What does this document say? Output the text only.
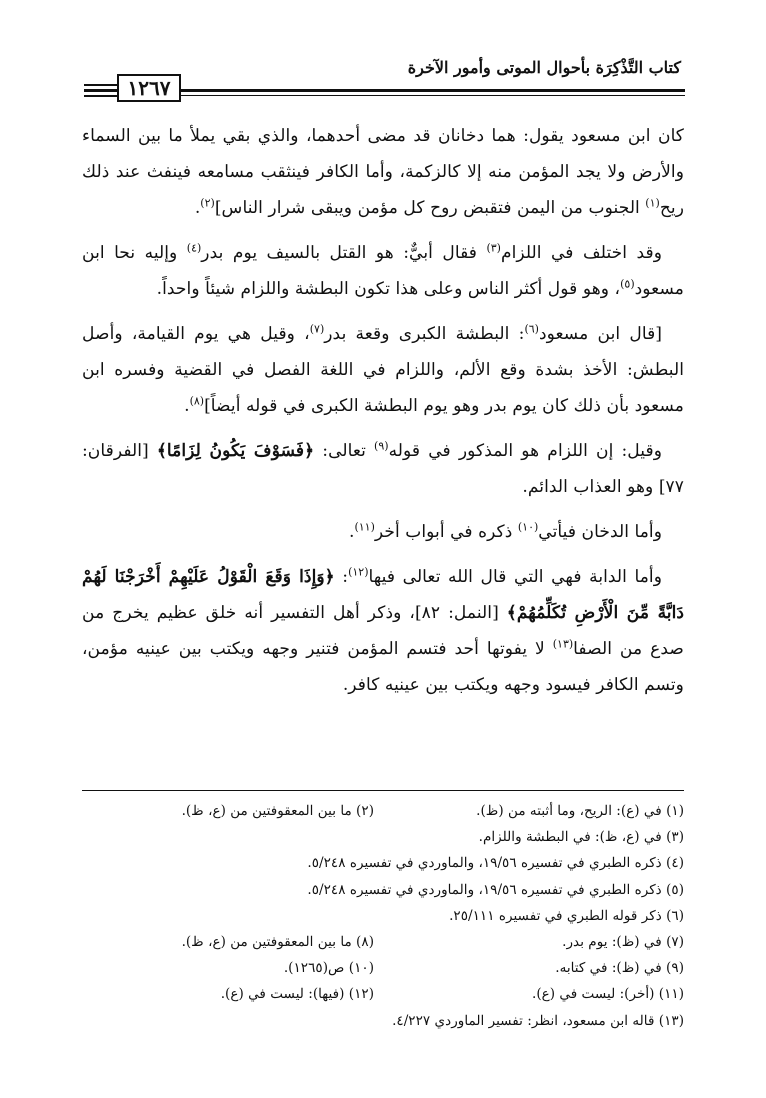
كتاب التَّذْكِرَة بأحوال الموتى وأمور الآخرة
١٢٦٧

كان ابن مسعود يقول: هما دخانان قد مضى أحدهما، والذي بقي يملأ ما بين السماء والأرض ولا يجد المؤمن منه إلا كالزكمة، وأما الكافر فينثقب مسامعه فينفث عند ذلك ريح$^{(١)}$ الجنوب من اليمن فتقبض روح كل مؤمن ويبقى شرار الناس]$^{(٢)}$.

وقد اختلف في اللزام$^{(٣)}$ فقال أبيٌّ: هو القتل بالسيف يوم بدر$^{(٤)}$ وإليه نحا ابن مسعود$^{(٥)}$، وهو قول أكثر الناس وعلى هذا تكون البطشة واللزام شيئاً واحداً.

[قال ابن مسعود$^{(٦)}$: البطشة الكبرى وقعة بدر$^{(٧)}$، وقيل هي يوم القيامة، وأصل البطش: الأخذ بشدة وقع الألم، واللزام في اللغة الفصل في القضية وفسره ابن مسعود بأن ذلك كان يوم بدر وهو يوم البطشة الكبرى في قوله أيضاً]$^{(٨)}$.

وقيل: إن اللزام هو المذكور في قوله$^{(٩)}$ تعالى: ﴿فَسَوْفَ يَكُونُ لِزَامًا﴾ [الفرقان: ٧٧] وهو العذاب الدائم.

وأما الدخان فيأتي$^{(١٠)}$ ذكره في أبواب أخر$^{(١١)}$.

وأما الدابة فهي التي قال الله تعالى فيها$^{(١٢)}$: ﴿وَإِذَا وَقَعَ الْقَوْلُ عَلَيْهِمْ أَخْرَجْنَا لَهُمْ دَابَّةً مِّنَ الْأَرْضِ تُكَلِّمُهُمْ﴾ [النمل: ٨٢]، وذكر أهل التفسير أنه خلق عظيم يخرج من صدع من الصفا$^{(١٣)}$ لا يفوتها أحد فتسم المؤمن فتنير وجهه ويكتب بين عينيه مؤمن، وتسم الكافر فيسود وجهه ويكتب بين عينيه كافر.

(١) في (ع): الريح، وما أثبته من (ظ).
(٢) ما بين المعقوفتين من (ع، ظ).
(٣) في (ع، ظ): في البطشة واللزام.
(٤) ذكره الطبري في تفسيره ١٩/٥٦، والماوردي في تفسيره ٥/٢٤٨.
(٥) ذكره الطبري في تفسيره ١٩/٥٦، والماوردي في تفسيره ٥/٢٤٨.
(٦) ذكر قوله الطبري في تفسيره ٢٥/١١١.
(٧) في (ظ): يوم بدر.
(٨) ما بين المعقوفتين من (ع، ظ).
(٩) في (ظ): في كتابه.
(١٠) ص(١٢٦٥).
(١١) (أخر): ليست في (ع).
(١٢) (فيها): ليست في (ع).
(١٣) قاله ابن مسعود، انظر: تفسير الماوردي ٤/٢٢٧.
